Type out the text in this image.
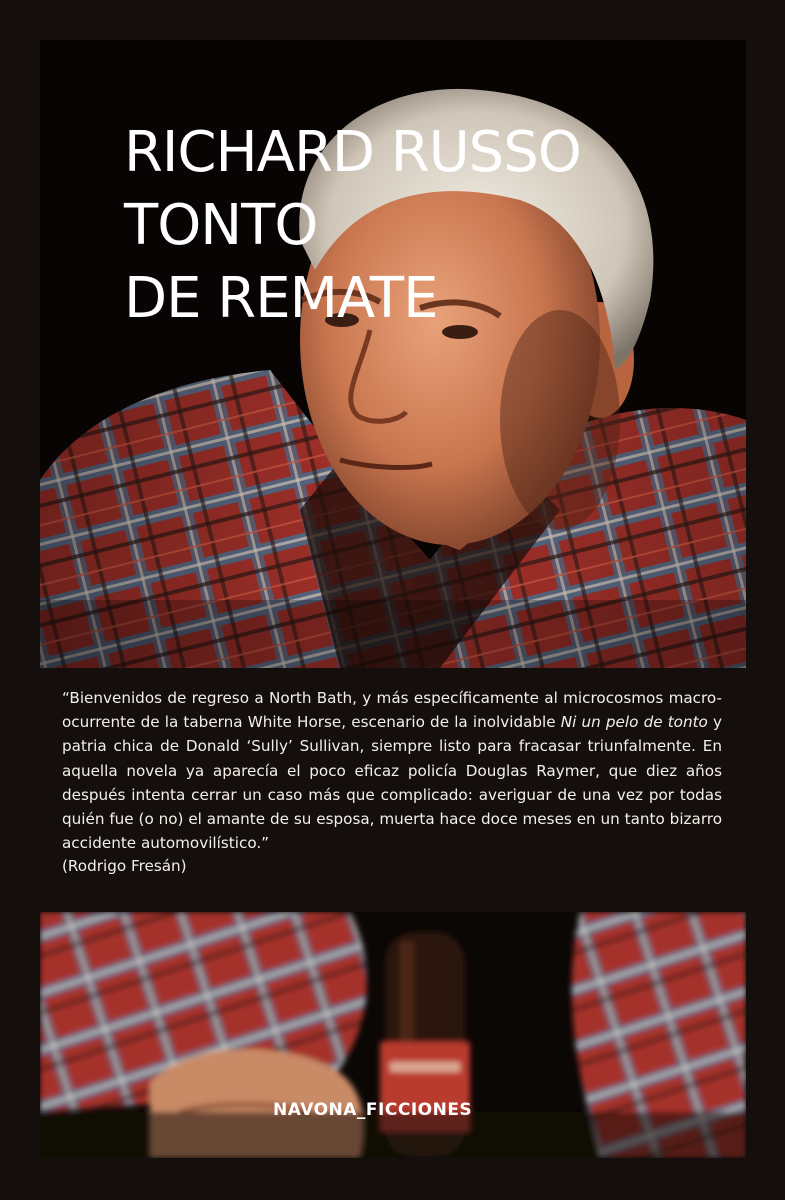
RICHARD RUSSO
TONTO
DE REMATE

“Bienvenidos de regreso a North Bath, y más específicamente al microcosmos macro-ocurrente de la taberna White Horse, escenario de la inolvidable Ni un pelo de tonto y patria chica de Donald ‘Sully’ Sullivan, siempre listo para fracasar triunfalmente. En aquella novela ya aparecía el poco eficaz policía Douglas Raymer, que diez años después intenta cerrar un caso más que complicado: averiguar de una vez por todas quién fue (o no) el amante de su esposa, muerta hace doce meses en un tanto bizarro accidente automovilístico.”

(Rodrigo Fresán)
NAVONA_FICCIONES
